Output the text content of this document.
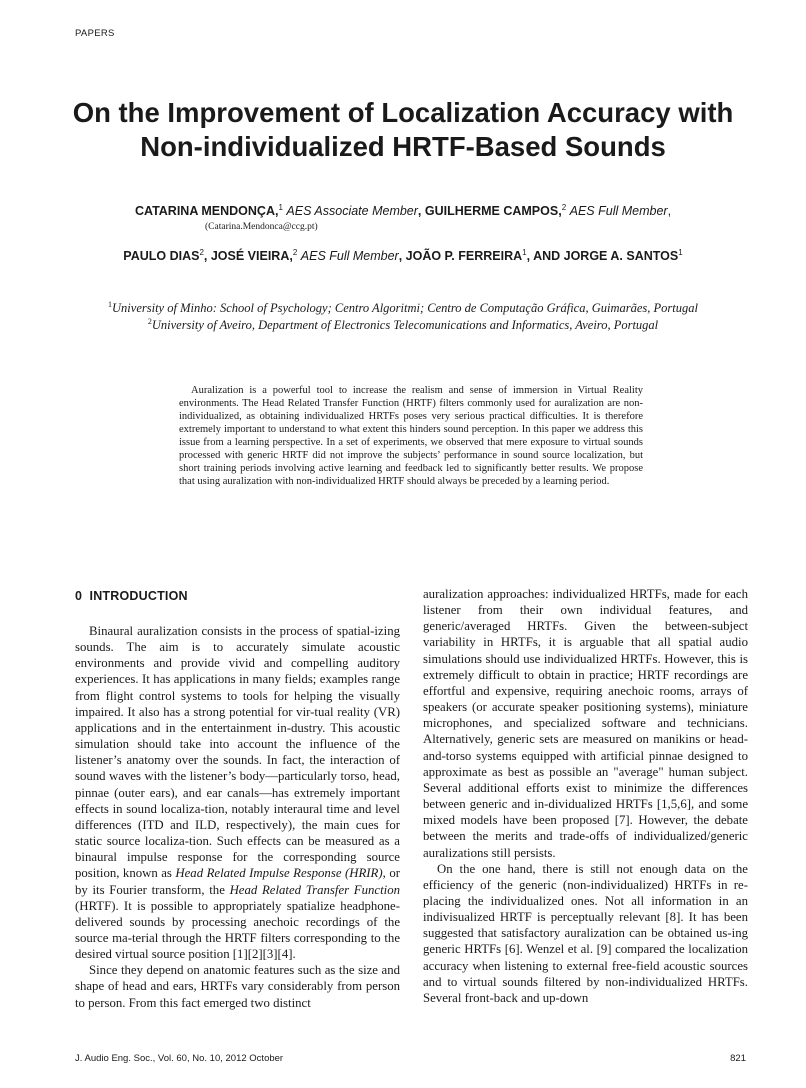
PAPERS
On the Improvement of Localization Accuracy with
Non-individualized HRTF-Based Sounds
CATARINA MENDONÇA,$^1$ AES Associate Member, GUILHERME CAMPOS,$^2$ AES Full Member,
(Catarina.Mendonca@ccg.pt)
PAULO DIAS$^2$, JOSÉ VIEIRA,$^2$ AES Full Member, JOÃO P. FERREIRA$^1$, AND JORGE A. SANTOS$^1$
$^1$University of Minho: School of Psychology; Centro Algoritmi; Centro de Computação Gráfica, Guimarães, Portugal
$^2$University of Aveiro, Department of Electronics Telecomunications and Informatics, Aveiro, Portugal
Auralization is a powerful tool to increase the realism and sense of immersion in Virtual Reality environments. The Head Related Transfer Function (HRTF) filters commonly used for auralization are non-individualized, as obtaining individualized HRTFs poses very serious practical difficulties. It is therefore extremely important to understand to what extent this hinders sound perception. In this paper we address this issue from a learning perspective. In a set of experiments, we observed that mere exposure to virtual sounds processed with generic HRTF did not improve the subjects’ performance in sound source localization, but short training periods involving active learning and feedback led to significantly better results. We propose that using auralization with non-individualized HRTF should always be preceded by a learning period.
0 INTRODUCTION

Binaural auralization consists in the process of spatial-izing sounds. The aim is to accurately simulate acoustic environments and provide vivid and compelling auditory experiences. It has applications in many fields; examples range from flight control systems to tools for helping the visually impaired. It also has a strong potential for vir-tual reality (VR) applications and in the entertainment in-dustry. This acoustic simulation should take into account the influence of the listener’s anatomy over the sounds. In fact, the interaction of sound waves with the listener’s body—particularly torso, head, pinnae (outer ears), and ear canals—has extremely important effects in sound localiza-tion, notably interaural time and level differences (ITD and ILD, respectively), the main cues for static source localiza-tion. Such effects can be measured as a binaural impulse response for the corresponding source position, known as Head Related Impulse Response (HRIR), or by its Fourier transform, the Head Related Transfer Function (HRTF). It is possible to appropriately spatialize headphone-delivered sounds by processing anechoic recordings of the source ma-terial through the HRTF filters corresponding to the desired virtual source position [1][2][3][4].

Since they depend on anatomic features such as the size and shape of head and ears, HRTFs vary considerably from person to person. From this fact emerged two distinct

auralization approaches: individualized HRTFs, made for each listener from their own individual features, and generic/averaged HRTFs. Given the between-subject variability in HRTFs, it is arguable that all spatial audio simulations should use individualized HRTFs. However, this is extremely difficult to obtain in practice; HRTF recordings are effortful and expensive, requiring anechoic rooms, arrays of speakers (or accurate speaker positioning systems), miniature microphones, and specialized software and technicians. Alternatively, generic sets are measured on manikins or head-and-torso systems equipped with artificial pinnae designed to approximate as best as possible an "average" human subject. Several additional efforts exist to minimize the differences between generic and in-dividualized HRTFs [1,5,6], and some mixed models have been proposed [7]. However, the debate between the merits and trade-offs of individualized/generic auralizations still persists.

On the one hand, there is still not enough data on the efficiency of the generic (non-individualized) HRTFs in re-placing the individualized ones. Not all information in an indivisualized HRTF is perceptually relevant [8]. It has been suggested that satisfactory auralization can be obtained us-ing generic HRTFs [6]. Wenzel et al. [9] compared the localization accuracy when listening to external free-field acoustic sources and to virtual sounds filtered by non-individualized HRTFs. Several front-back and up-down

J. Audio Eng. Soc., Vol. 60, No. 10, 2012 October	821
